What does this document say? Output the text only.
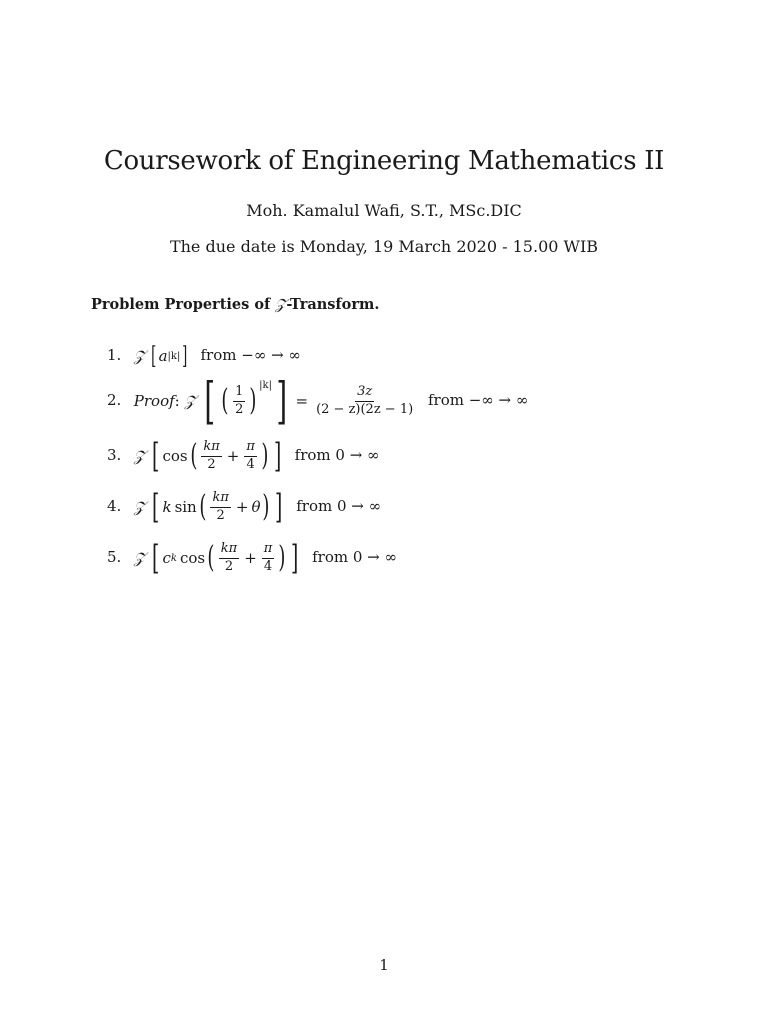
Coursework of Engineering Mathematics II
Moh. Kamalul Wafi, S.T., MSc.DIC
The due date is Monday, 19 March 2020 - 15.00 WIB
Problem Properties of 𝒵-Transform.
1. 𝒵 [ a |k| ] from −∞ → ∞
2. Proof : 𝒵 [ ( $\frac{1}{2}$ ) |k| ] = $\frac{3z}{(2 - z)(2z - 1)}$ from −∞ → ∞
3. 𝒵 [ cos ( $\frac{k\pi}{2} + \frac{\pi}{4}$ ) ] from 0 → ∞
4. 𝒵 [ k sin ( $\frac{k\pi}{2} + \theta$ ) ] from 0 → ∞
5. 𝒵 [ c k cos ( $\frac{k\pi}{2} + \frac{\pi}{4}$ ) ] from 0 → ∞
1
